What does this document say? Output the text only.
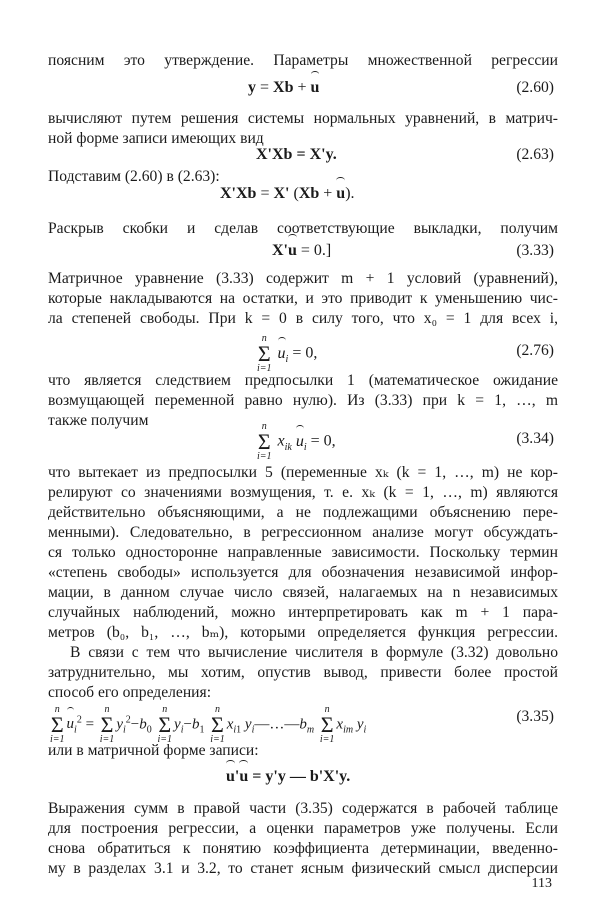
поясним это утверждение. Параметры множественной регрессии
y = Xb + u	(2.60)
вычисляют путем решения системы нормальных уравнений, в матрич-
ной форме записи имеющих вид
X'Xb = X'y.	(2.63)
Подставим (2.60) в (2.63):
X'Xb = X' (Xb + u).
Раскрыв скобки и сделав соответствующие выкладки, получим
X'u = 0.]	(3.33)
Матричное уравнение (3.33) содержит m + 1 условий (уравнений),
которые накладываются на остатки, и это приводит к уменьшению чис-
ла степеней свободы. При k = 0 в силу того, что x₀ = 1 для всех i,
n
Σ
i=1
$u_i = 0$,	(2.76)
что является следствием предпосылки 1 (математическое ожидание
возмущающей переменной равно нулю). Из (3.33) при k = 1, …, m
также получим	n
Σ
i=1
$x_{ik}$ $u_i = 0$,	(3.34)
что вытекает из предпосылки 5 (переменные xₖ (k = 1, …, m) не кор-
релируют со значениями возмущения, т. е. xₖ (k = 1, …, m) являются
действительно объясняющими, а не подлежащими объяснению пере-
менными). Следовательно, в регрессионном анализе могут обсуждать-
ся только односторонне направленные зависимости. Поскольку термин
«степень свободы» используется для обозначения независимой инфор-
мации, в данном случае число связей, налагаемых на n независимых
случайных наблюдений, можно интерпретировать как m + 1 пара-
метров (b₀, b₁, …, bₘ), которыми определяется функция регрессии.
В связи с тем что вычисление числителя в формуле (3.32) довольно
затруднительно, мы хотим, опустив вывод, привести более простой
способ его определения:
n
Σ
i=1
$u_i^2$ =
n
Σ
i=1
$y_i^2-b_0$
n
Σ
i=1
$y_i-b_1$
n
Σ
i=1
$x_{i1}$ $y_i—\dots—b_m$
n
Σ
i=1
$x_{im}$ $y_i$
(3.35)
или в матричной форме записи:
u'u = y'y — b'X'y.
Выражения сумм в правой части (3.35) содержатся в рабочей таблице
для построения регрессии, а оценки параметров уже получены. Если
снова обратиться к понятию коэффициента детерминации, введенно-
му в разделах 3.1 и 3.2, то станет ясным физический смысл дисперсии
113
